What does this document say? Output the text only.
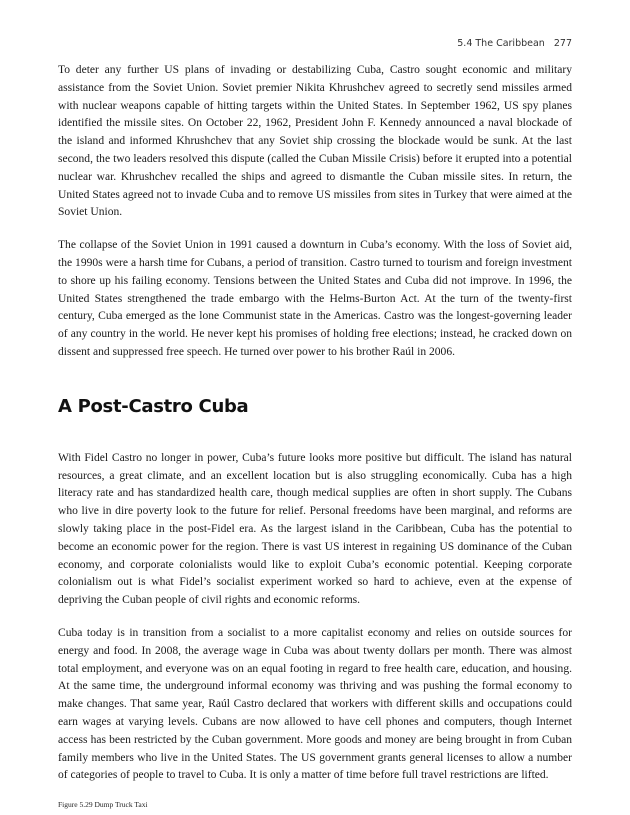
5.4 The Caribbean 277

To deter any further US plans of invading or destabilizing Cuba, Castro sought economic and military assistance from the Soviet Union. Soviet premier Nikita Khrushchev agreed to secretly send missiles armed with nuclear weapons capable of hitting targets within the United States. In September 1962, US spy planes identified the missile sites. On October 22, 1962, President John F. Kennedy announced a naval blockade of the island and informed Khrushchev that any Soviet ship crossing the blockade would be sunk. At the last second, the two leaders resolved this dispute (called the Cuban Missile Crisis) before it erupted into a potential nuclear war. Khrushchev recalled the ships and agreed to dismantle the Cuban missile sites. In return, the United States agreed not to invade Cuba and to remove US missiles from sites in Turkey that were aimed at the Soviet Union.

The collapse of the Soviet Union in 1991 caused a downturn in Cuba’s economy. With the loss of Soviet aid, the 1990s were a harsh time for Cubans, a period of transition. Castro turned to tourism and foreign investment to shore up his failing economy. Tensions between the United States and Cuba did not improve. In 1996, the United States strengthened the trade embargo with the Helms-Burton Act. At the turn of the twenty-first century, Cuba emerged as the lone Communist state in the Americas. Castro was the longest-governing leader of any country in the world. He never kept his promises of holding free elections; instead, he cracked down on dissent and suppressed free speech. He turned over power to his brother Raúl in 2006.

A Post-Castro Cuba

With Fidel Castro no longer in power, Cuba’s future looks more positive but difficult. The island has natural resources, a great climate, and an excellent location but is also struggling economically. Cuba has a high literacy rate and has standardized health care, though medical supplies are often in short supply. The Cubans who live in dire poverty look to the future for relief. Personal freedoms have been marginal, and reforms are slowly taking place in the post-Fidel era. As the largest island in the Caribbean, Cuba has the potential to become an economic power for the region. There is vast US interest in regaining US dominance of the Cuban economy, and corporate colonialists would like to exploit Cuba’s economic potential. Keeping corporate colonialism out is what Fidel’s socialist experiment worked so hard to achieve, even at the expense of depriving the Cuban people of civil rights and economic reforms.

Cuba today is in transition from a socialist to a more capitalist economy and relies on outside sources for energy and food. In 2008, the average wage in Cuba was about twenty dollars per month. There was almost total employment, and everyone was on an equal footing in regard to free health care, education, and housing. At the same time, the underground informal economy was thriving and was pushing the formal economy to make changes. That same year, Raúl Castro declared that workers with different skills and occupations could earn wages at varying levels. Cubans are now allowed to have cell phones and computers, though Internet access has been restricted by the Cuban government. More goods and money are being brought in from Cuban family members who live in the United States. The US government grants general licenses to allow a number of categories of people to travel to Cuba. It is only a matter of time before full travel restrictions are lifted.

Figure 5.29 Dump Truck Taxi
